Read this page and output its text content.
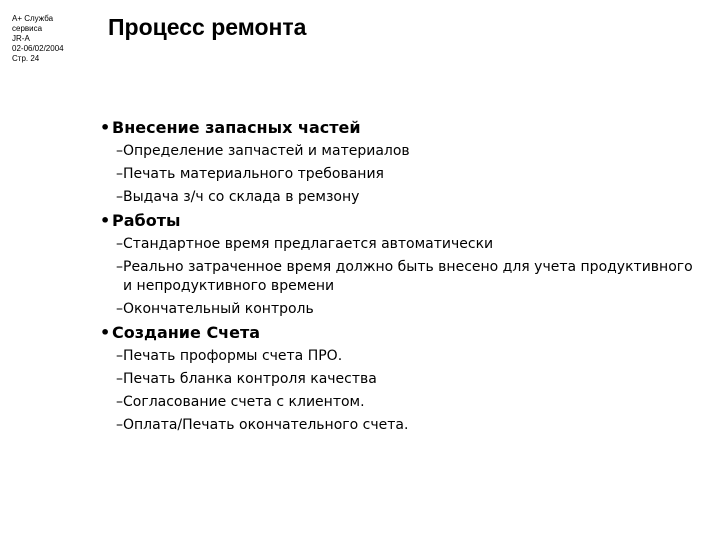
A+ Служба
сервиса
JR-A
02-06/02/2004
Стр. 24
Процесс ремонта
• Внесение запасных частей
– Определение запчастей и материалов
– Печать материального требования
– Выдача з/ч со склада в ремзону
• Работы
– Стандартное время предлагается автоматически
– Реально затраченное время должно быть внесено для учета продуктивного и непродуктивного времени
– Окончательный контроль
• Создание Счета
– Печать проформы счета ПРО.
– Печать бланка контроля качества
– Согласование счета с клиентом.
– Оплата/Печать окончательного счета.
